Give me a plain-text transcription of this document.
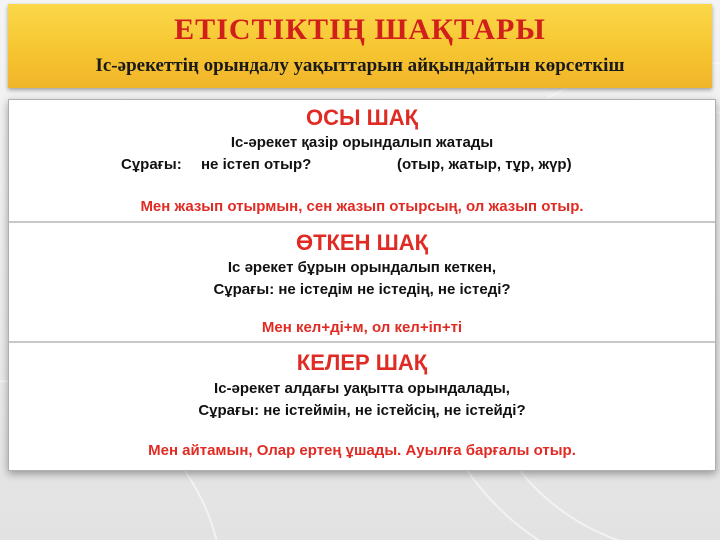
ЕТІСТІКТІҢ ШАҚТАРЫ
Іс-әрекеттің орындалу уақыттарын айқындайтын көрсеткіш
ОСЫ ШАҚ
Іс-әрекет қазір орындалып жатады
Сұрағы: не істеп отыр?	(отыр, жатыр, тұр, жүр)
Мен жазып отырмын, сен жазып отырсың, ол жазып отыр.
ӨТКЕН ШАҚ
Іс әрекет бұрын орындалып кеткен,
Сұрағы: не істедім не істедің, не істеді?
Мен кел+ді+м, ол кел+іп+ті
КЕЛЕР ШАҚ
Іс-әрекет алдағы уақытта орындалады,
Сұрағы: не істеймін, не істейсің, не істейді?
Мен айтамын, Олар ертең ұшады. Ауылға барғалы отыр.
